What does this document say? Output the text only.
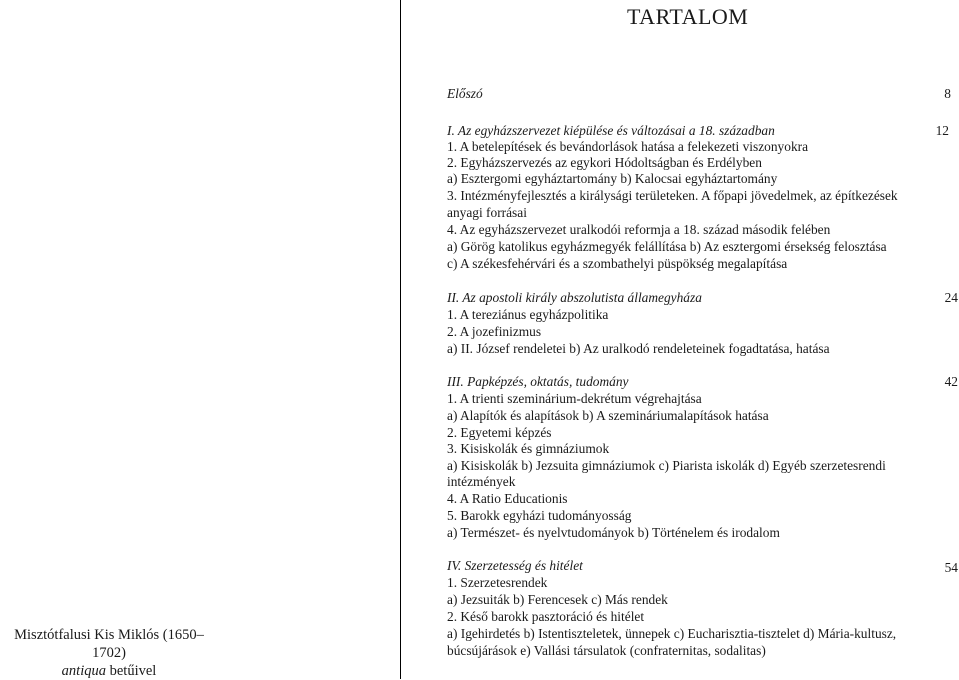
Misztótfalusi Kis Miklós (1650–1702)
antiqua betűivel
TARTALOM
Előszó	8
I. Az egyházszervezet kiépülése és változásai a 18. században	12
1. A betelepítések és bevándorlások hatása a felekezeti viszonyokra
2. Egyházszervezés az egykori Hódoltságban és Erdélyben
a) Esztergomi egyháztartomány b) Kalocsai egyháztartomány
3. Intézményfejlesztés a királysági területeken. A főpapi jövedelmek, az építkezések
anyagi forrásai
4. Az egyházszervezet uralkodói reformja a 18. század második felében
a) Görög katolikus egyházmegyék felállítása b) Az esztergomi érsekség felosztása
c) A székesfehérvári és a szombathelyi püspökség megalapítása
II. Az apostoli király abszolutista államegyháza	24
1. A tereziánus egyházpolitika
2. A jozefinizmus
a) II. József rendeletei b) Az uralkodó rendeleteinek fogadtatása, hatása
III. Papképzés, oktatás, tudomány	42
1. A trienti szeminárium-dekrétum végrehajtása
a) Alapítók és alapítások b) A szemináriumalapítások hatása
2. Egyetemi képzés
3. Kisiskolák és gimnáziumok
a) Kisiskolák b) Jezsuita gimnáziumok c) Piarista iskolák d) Egyéb szerzetesrendi
intézmények
4. A Ratio Educationis
5. Barokk egyházi tudományosság
a) Természet- és nyelvtudományok b) Történelem és irodalom
IV. Szerzetesség és hitélet	54
1. Szerzetesrendek
a) Jezsuiták b) Ferencesek c) Más rendek
2. Késő barokk pasztoráció és hitélet
a) Igehirdetés b) Istentiszteletek, ünnepek c) Eucharisztia-tisztelet d) Mária-kultusz,
búcsújárások e) Vallási társulatok (confraternitas, sodalitas)
